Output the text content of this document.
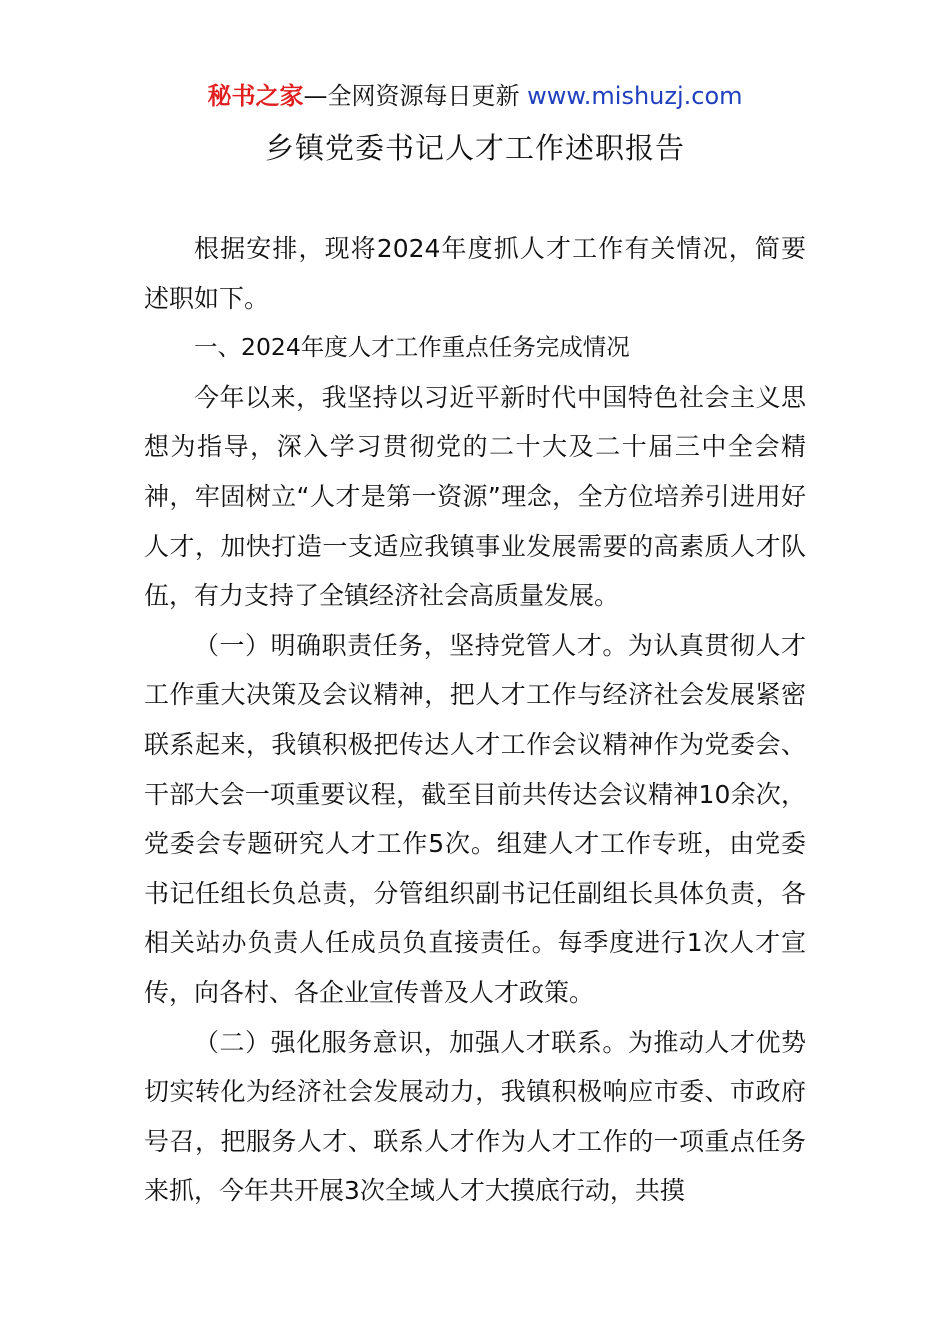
秘书之家—全网资源每日更新 www.mishuzj.com
乡镇党委书记人才工作述职报告

根据安排，现将2024年度抓人才工作有关情况，简要述职如下。

一、2024年度人才工作重点任务完成情况

今年以来，我坚持以习近平新时代中国特色社会主义思想为指导，深入学习贯彻党的二十大及二十届三中全会精神，牢固树立“人才是第一资源”理念，全方位培养引进用好人才，加快打造一支适应我镇事业发展需要的高素质人才队伍，有力支持了全镇经济社会高质量发展。

（一）明确职责任务，坚持党管人才。为认真贯彻人才工作重大决策及会议精神，把人才工作与经济社会发展紧密联系起来，我镇积极把传达人才工作会议精神作为党委会、干部大会一项重要议程，截至目前共传达会议精神10余次，党委会专题研究人才工作5次。组建人才工作专班，由党委书记任组长负总责，分管组织副书记任副组长具体负责，各相关站办负责人任成员负直接责任。每季度进行1次人才宣传，向各村、各企业宣传普及人才政策。

（二）强化服务意识，加强人才联系。为推动人才优势切实转化为经济社会发展动力，我镇积极响应市委、市政府号召，把服务人才、联系人才作为人才工作的一项重点任务来抓，今年共开展3次全域人才大摸底行动，共摸
